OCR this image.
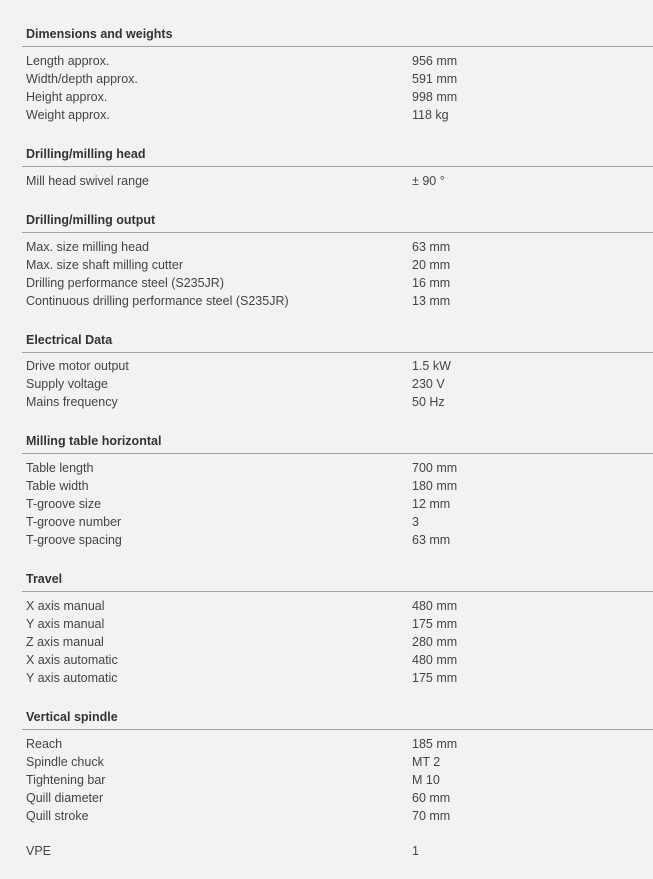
Dimensions and weights
Length approx.	956 mm
Width/depth approx.	591 mm
Height approx.	998 mm
Weight approx.	118 kg
Drilling/milling head
Mill head swivel range	± 90 °
Drilling/milling output
Max. size milling head	63 mm
Max. size shaft milling cutter	20 mm
Drilling performance steel (S235JR)	16 mm
Continuous drilling performance steel (S235JR)	13 mm
Electrical Data
Drive motor output	1.5 kW
Supply voltage	230 V
Mains frequency	50 Hz
Milling table horizontal
Table length	700 mm
Table width	180 mm
T-groove size	12 mm
T-groove number	3
T-groove spacing	63 mm
Travel
X axis manual	480 mm
Y axis manual	175 mm
Z axis manual	280 mm
X axis automatic	480 mm
Y axis automatic	175 mm
Vertical spindle
Reach	185 mm
Spindle chuck	MT 2
Tightening bar	M 10
Quill diameter	60 mm
Quill stroke	70 mm
VPE	1
